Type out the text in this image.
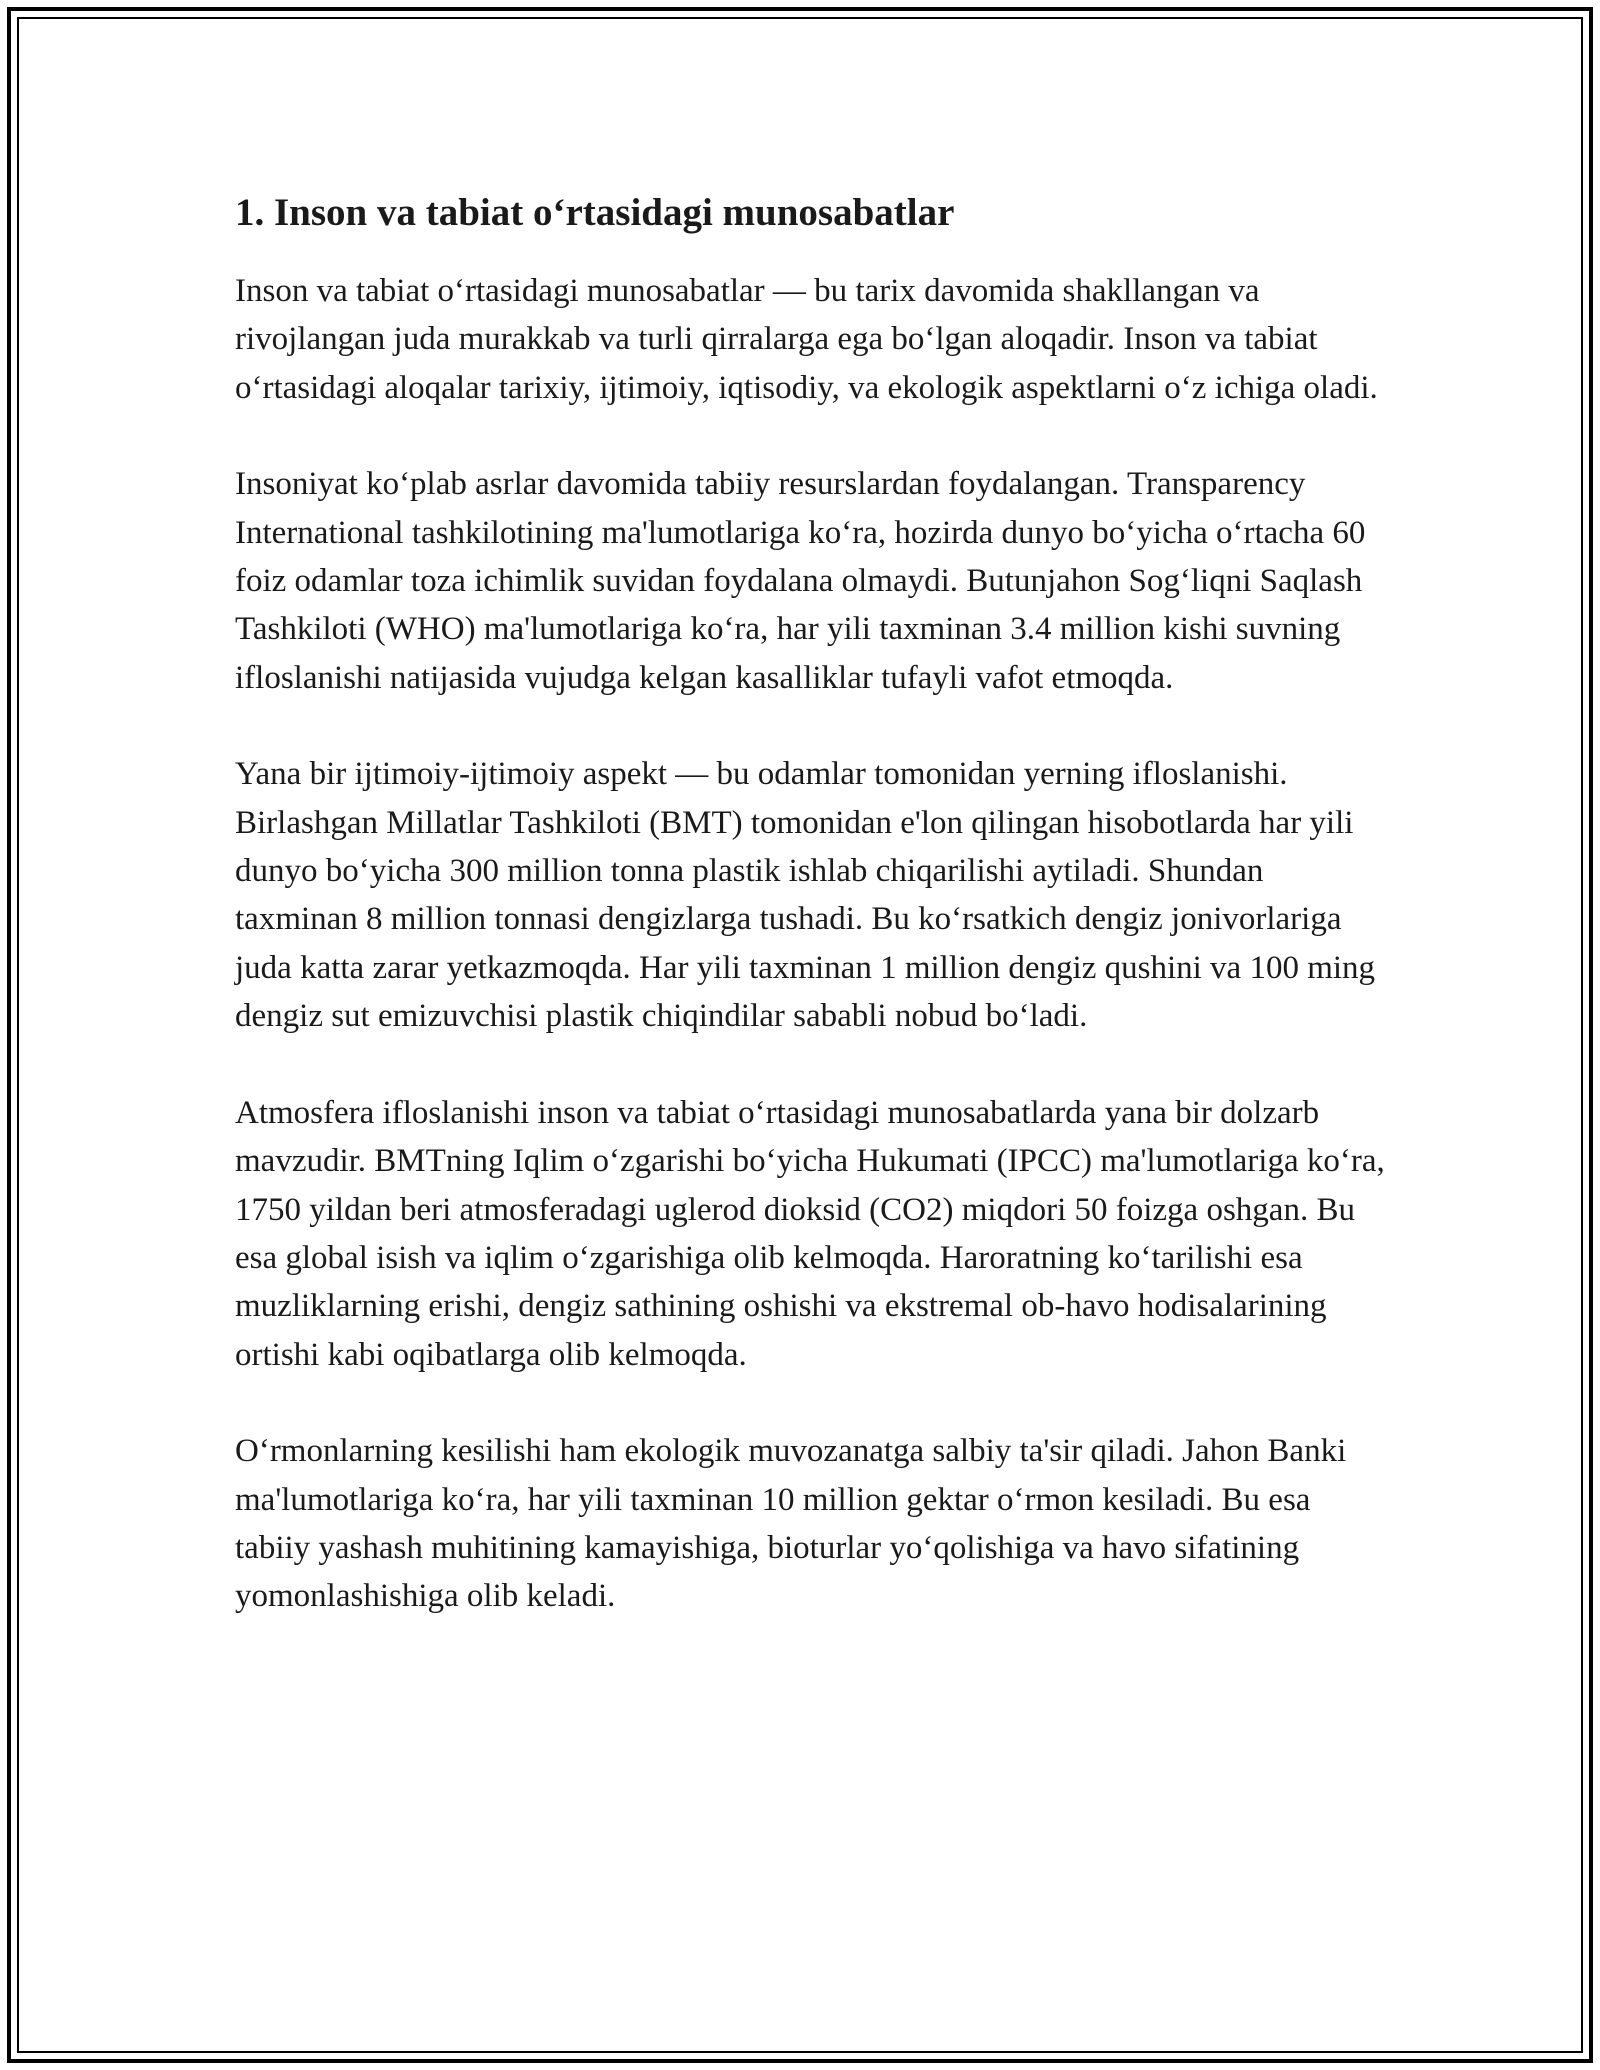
1. Inson va tabiat o‘rtasidagi munosabatlar

Inson va tabiat o‘rtasidagi munosabatlar — bu tarix davomida shakllangan va rivojlangan juda murakkab va turli qirralarga ega bo‘lgan aloqadir. Inson va tabiat o‘rtasidagi aloqalar tarixiy, ijtimoiy, iqtisodiy, va ekologik aspektlarni o‘z ichiga oladi.

Insoniyat ko‘plab asrlar davomida tabiiy resurslardan foydalangan. Transparency International tashkilotining ma'lumotlariga ko‘ra, hozirda dunyo bo‘yicha o‘rtacha 60 foiz odamlar toza ichimlik suvidan foydalana olmaydi. Butunjahon Sog‘liqni Saqlash Tashkiloti (WHO) ma'lumotlariga ko‘ra, har yili taxminan 3.4 million kishi suvning ifloslanishi natijasida vujudga kelgan kasalliklar tufayli vafot etmoqda.

Yana bir ijtimoiy-ijtimoiy aspekt — bu odamlar tomonidan yerning ifloslanishi. Birlashgan Millatlar Tashkiloti (BMT) tomonidan e'lon qilingan hisobotlarda har yili dunyo bo‘yicha 300 million tonna plastik ishlab chiqarilishi aytiladi. Shundan taxminan 8 million tonnasi dengizlarga tushadi. Bu ko‘rsatkich dengiz jonivorlariga juda katta zarar yetkazmoqda. Har yili taxminan 1 million dengiz qushini va 100 ming dengiz sut emizuvchisi plastik chiqindilar sababli nobud bo‘ladi.

Atmosfera ifloslanishi inson va tabiat o‘rtasidagi munosabatlarda yana bir dolzarb mavzudir. BMTning Iqlim o‘zgarishi bo‘yicha Hukumati (IPCC) ma'lumotlariga ko‘ra, 1750 yildan beri atmosferadagi uglerod dioksid (CO2) miqdori 50 foizga oshgan. Bu esa global isish va iqlim o‘zgarishiga olib kelmoqda. Haroratning ko‘tarilishi esa muzliklarning erishi, dengiz sathining oshishi va ekstremal ob-havo hodisalarining ortishi kabi oqibatlarga olib kelmoqda.

O‘rmonlarning kesilishi ham ekologik muvozanatga salbiy ta'sir qiladi. Jahon Banki ma'lumotlariga ko‘ra, har yili taxminan 10 million gektar o‘rmon kesiladi. Bu esa tabiiy yashash muhitining kamayishiga, bioturlar yo‘qolishiga va havo sifatining yomonlashishiga olib keladi.
